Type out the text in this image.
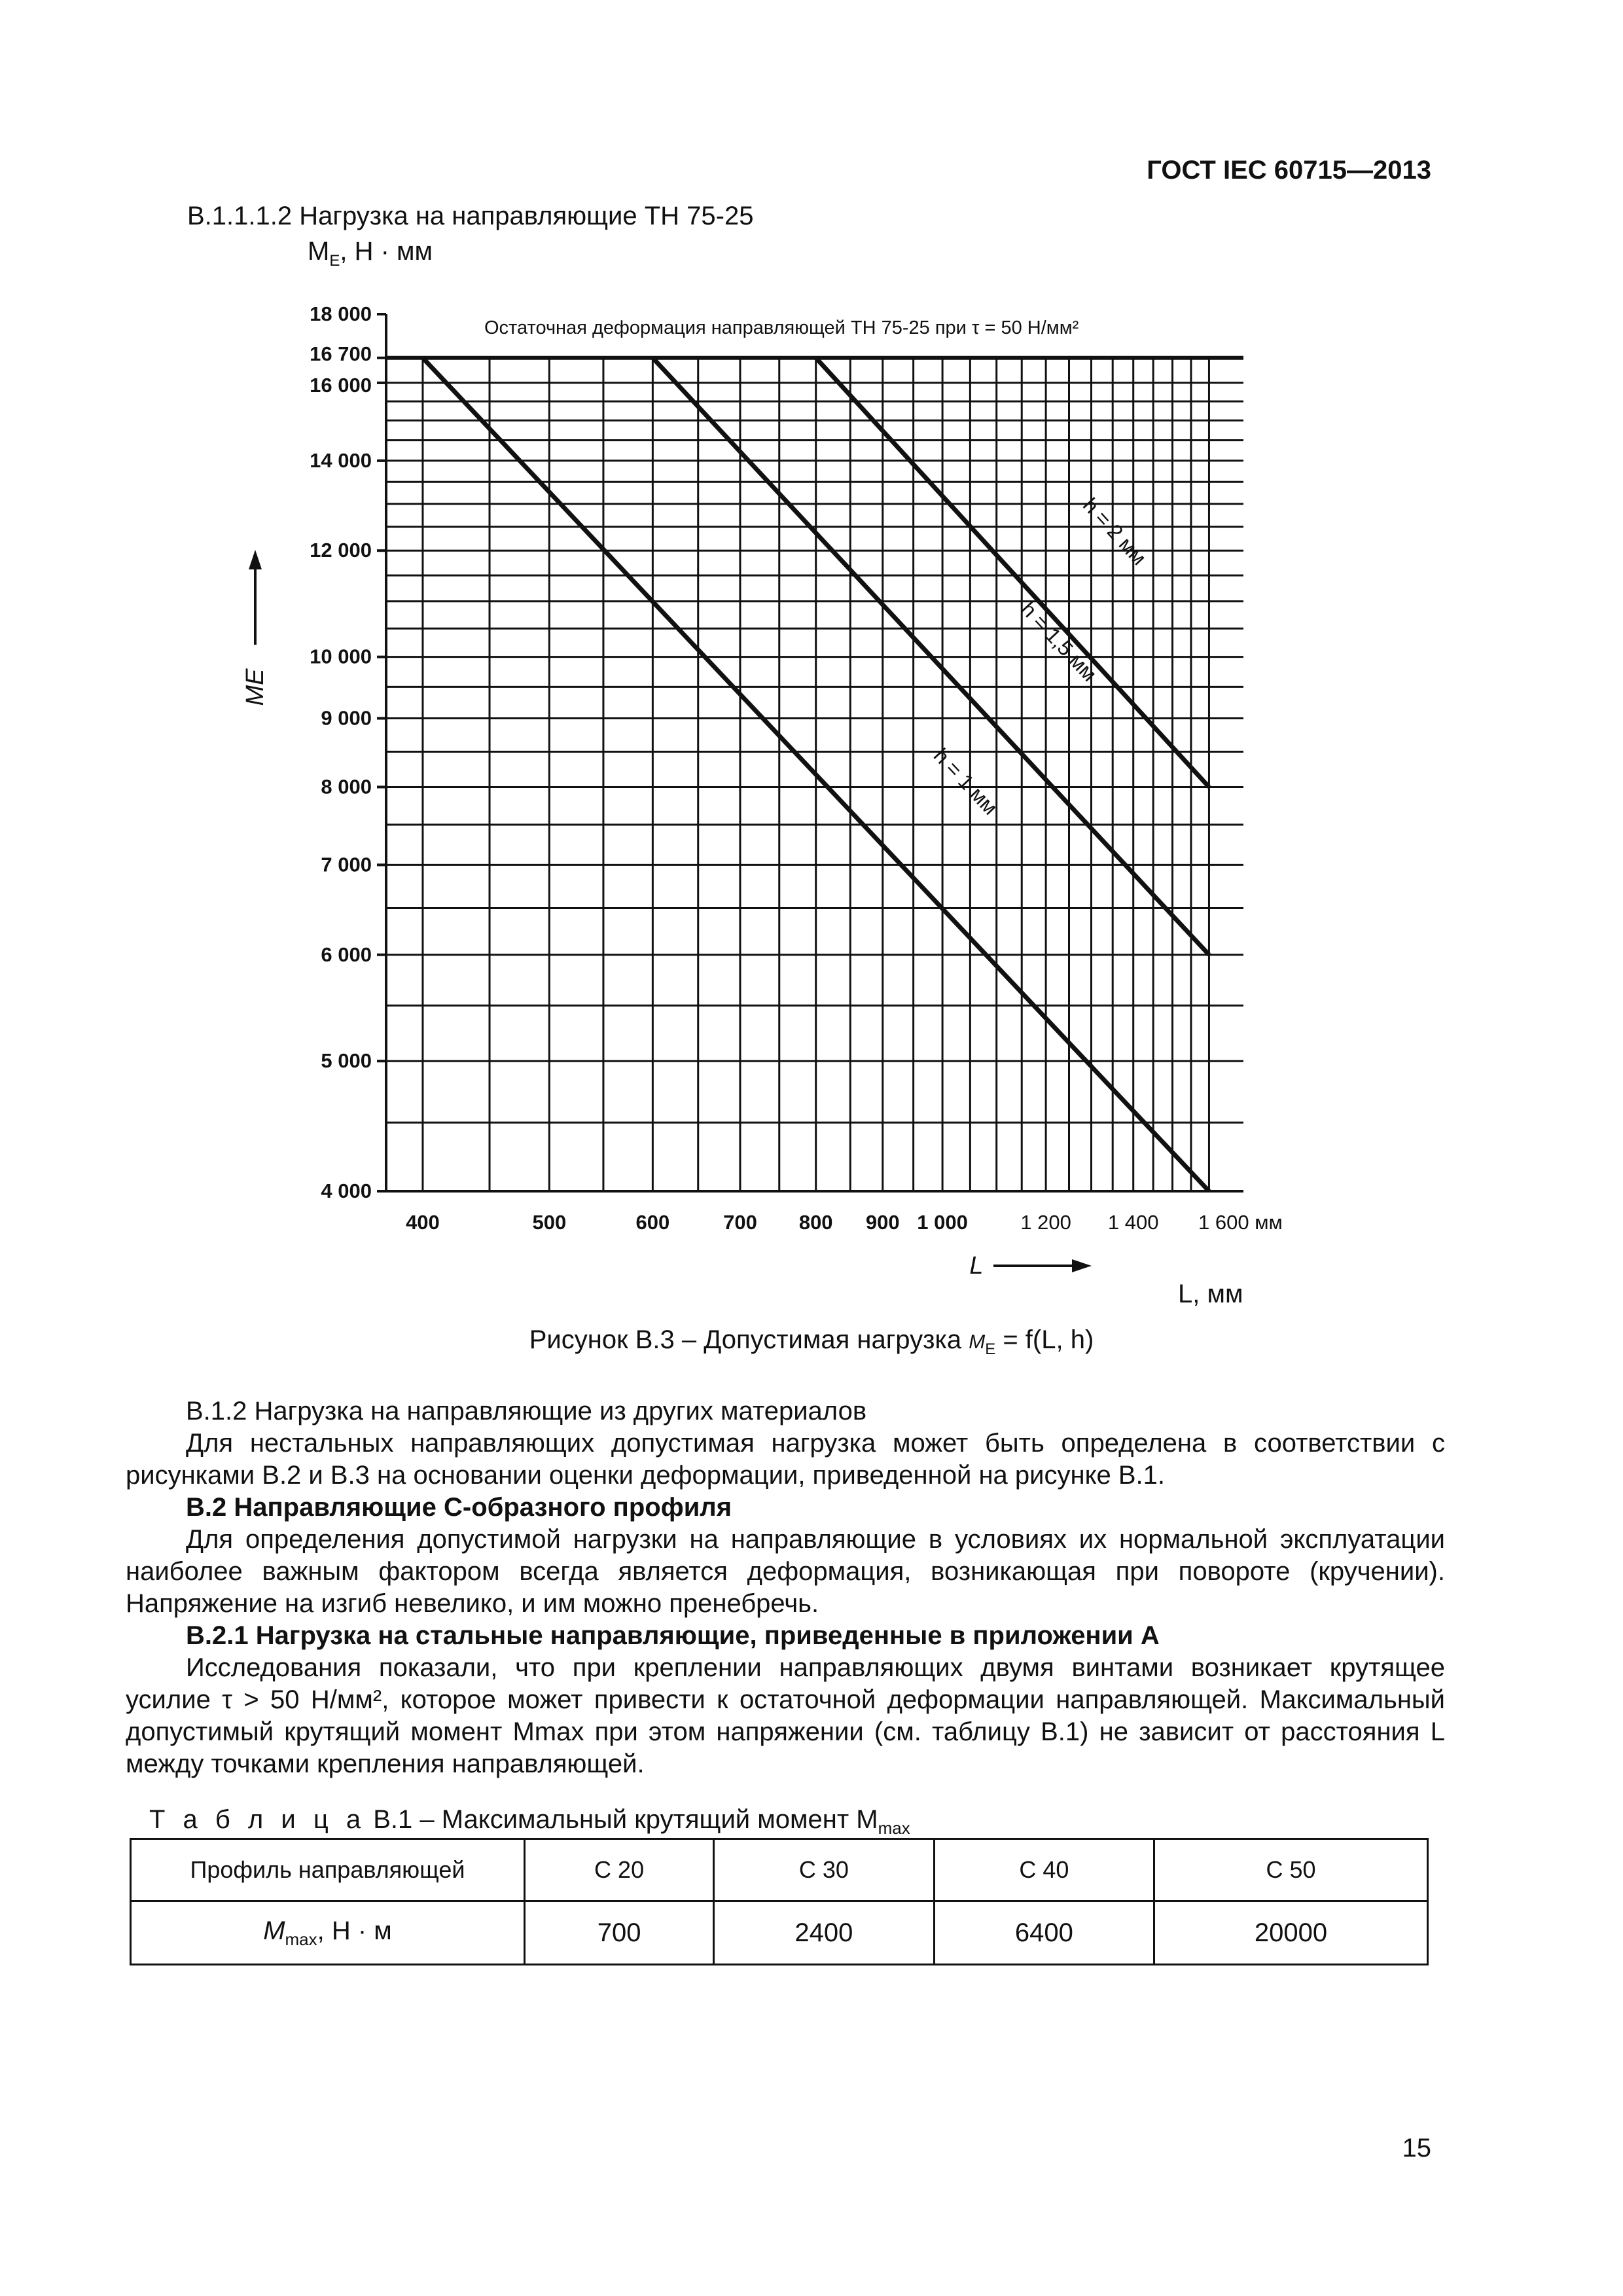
ГОСТ IEC 60715—2013
В.1.1.1.2 Нагрузка на направляющие ТН 75-25
$M_E$, Н · мм
4 000
5 000
6 000
7 000
8 000
9 000
10 000
12 000
14 000
16 000
16 700
18 000
400	500	600	700 800 900 1 000	1 200 1 400 1 600 мм
h = 1 мм
h = 1,5 мм
h = 2 мм
Остаточная деформация направляющей ТН 75-25 при τ = 50 Н/мм²
ME
L
L, мм
Рисунок В.3 – Допустимая нагрузка $M_E = f(L$, h)

В.1.2 Нагрузка на направляющие из других материалов

Для нестальных направляющих допустимая нагрузка может быть определена в соответствии с рисунками В.2 и В.3 на основании оценки деформации, приведенной на рисунке В.1.

В.2 Направляющие С-образного профиля

Для определения допустимой нагрузки на направляющие в условиях их нормальной эксплуатации наиболее важным фактором всегда является деформация, возникающая при повороте (кручении). Напряжение на изгиб невелико, и им можно пренебречь.

В.2.1 Нагрузка на стальные направляющие, приведенные в приложении А

Исследования показали, что при креплении направляющих двумя винтами возникает крутящее усилие τ > 50 Н/мм², которое может привести к остаточной деформации направляющей. Максимальный допустимый крутящий момент Mmax при этом напряжении (см. таблицу В.1) не зависит от расстояния L между точками крепления направляющей.

Т а б л и ц а В.1 – Максимальный крутящий момент $M_{max}$
Профиль направляющей	С 20	С 30	С 40	С 50
$M_{max}$, Н · м	700	2400	6400	20000
15
